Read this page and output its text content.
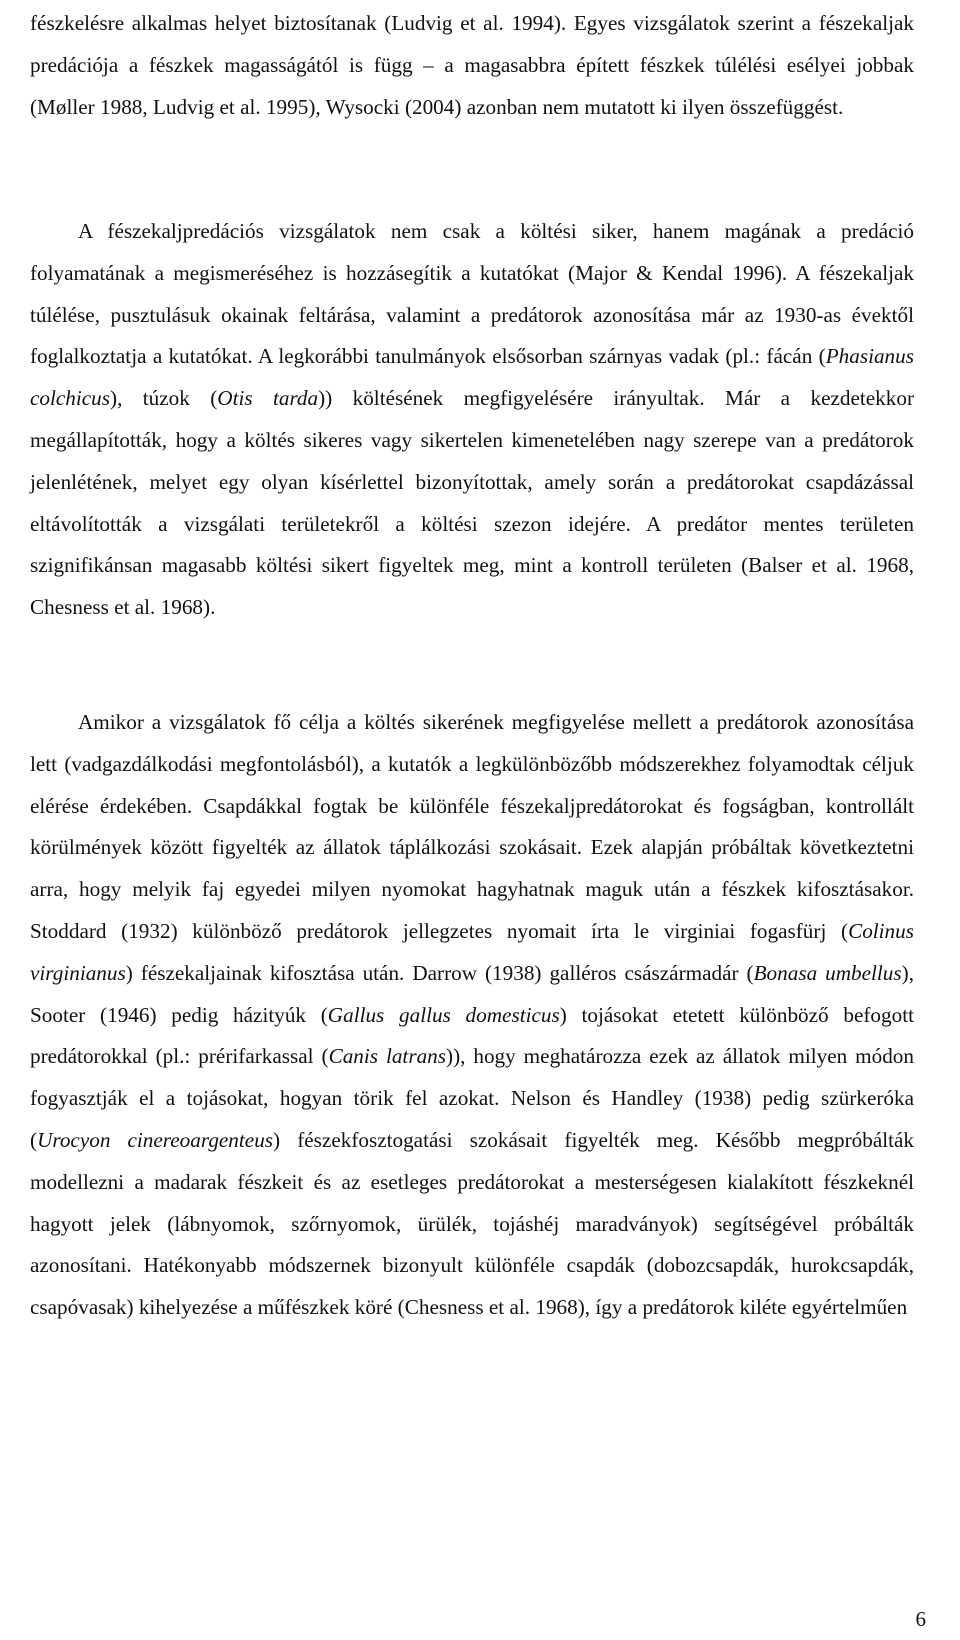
fészkelésre alkalmas helyet biztosítanak (Ludvig et al. 1994). Egyes vizsgálatok szerint a fészekaljak predációja a fészkek magasságától is függ – a magasabbra épített fészkek túlélési esélyei jobbak (Møller 1988, Ludvig et al. 1995), Wysocki (2004) azonban nem mutatott ki ilyen összefüggést.

A fészekaljpredációs vizsgálatok nem csak a költési siker, hanem magának a predáció folyamatának a megismeréséhez is hozzásegítik a kutatókat (Major & Kendal 1996). A fészekaljak túlélése, pusztulásuk okainak feltárása, valamint a predátorok azonosítása már az 1930-as évektől foglalkoztatja a kutatókat. A legkorábbi tanulmányok elsősorban szárnyas vadak (pl.: fácán (Phasianus colchicus), túzok (Otis tarda)) költésének megfigyelésére irányultak. Már a kezdetekkor megállapították, hogy a költés sikeres vagy sikertelen kimenetelében nagy szerepe van a predátorok jelenlétének, melyet egy olyan kísérlettel bizonyítottak, amely során a predátorokat csapdázással eltávolították a vizsgálati területekről a költési szezon idejére. A predátor mentes területen szignifikánsan magasabb költési sikert figyeltek meg, mint a kontroll területen (Balser et al. 1968, Chesness et al. 1968).

Amikor a vizsgálatok fő célja a költés sikerének megfigyelése mellett a predátorok azonosítása lett (vadgazdálkodási megfontolásból), a kutatók a legkülönbözőbb módszerekhez folyamodtak céljuk elérése érdekében. Csapdákkal fogtak be különféle fészekaljpredátorokat és fogságban, kontrollált körülmények között figyelték az állatok táplálkozási szokásait. Ezek alapján próbáltak következtetni arra, hogy melyik faj egyedei milyen nyomokat hagyhatnak maguk után a fészkek kifosztásakor. Stoddard (1932) különböző predátorok jellegzetes nyomait írta le virginiai fogasfürj (Colinus virginianus) fészekaljainak kifosztása után. Darrow (1938) galléros császármadár (Bonasa umbellus), Sooter (1946) pedig házityúk (Gallus gallus domesticus) tojásokat etetett különböző befogott predátorokkal (pl.: prérifarkassal (Canis latrans)), hogy meghatározza ezek az állatok milyen módon fogyasztják el a tojásokat, hogyan törik fel azokat. Nelson és Handley (1938) pedig szürkeróka (Urocyon cinereoargenteus) fészekfosztogatási szokásait figyelték meg. Később megpróbálták modellezni a madarak fészkeit és az esetleges predátorokat a mesterségesen kialakított fészkeknél hagyott jelek (lábnyomok, szőrnyomok, ürülék, tojáshéj maradványok) segítségével próbálták azonosítani. Hatékonyabb módszernek bizonyult különféle csapdák (dobozcsapdák, hurokcsapdák, csapóvasak) kihelyezése a műfészkek köré (Chesness et al. 1968), így a predátorok kiléte egyértelműen

6
